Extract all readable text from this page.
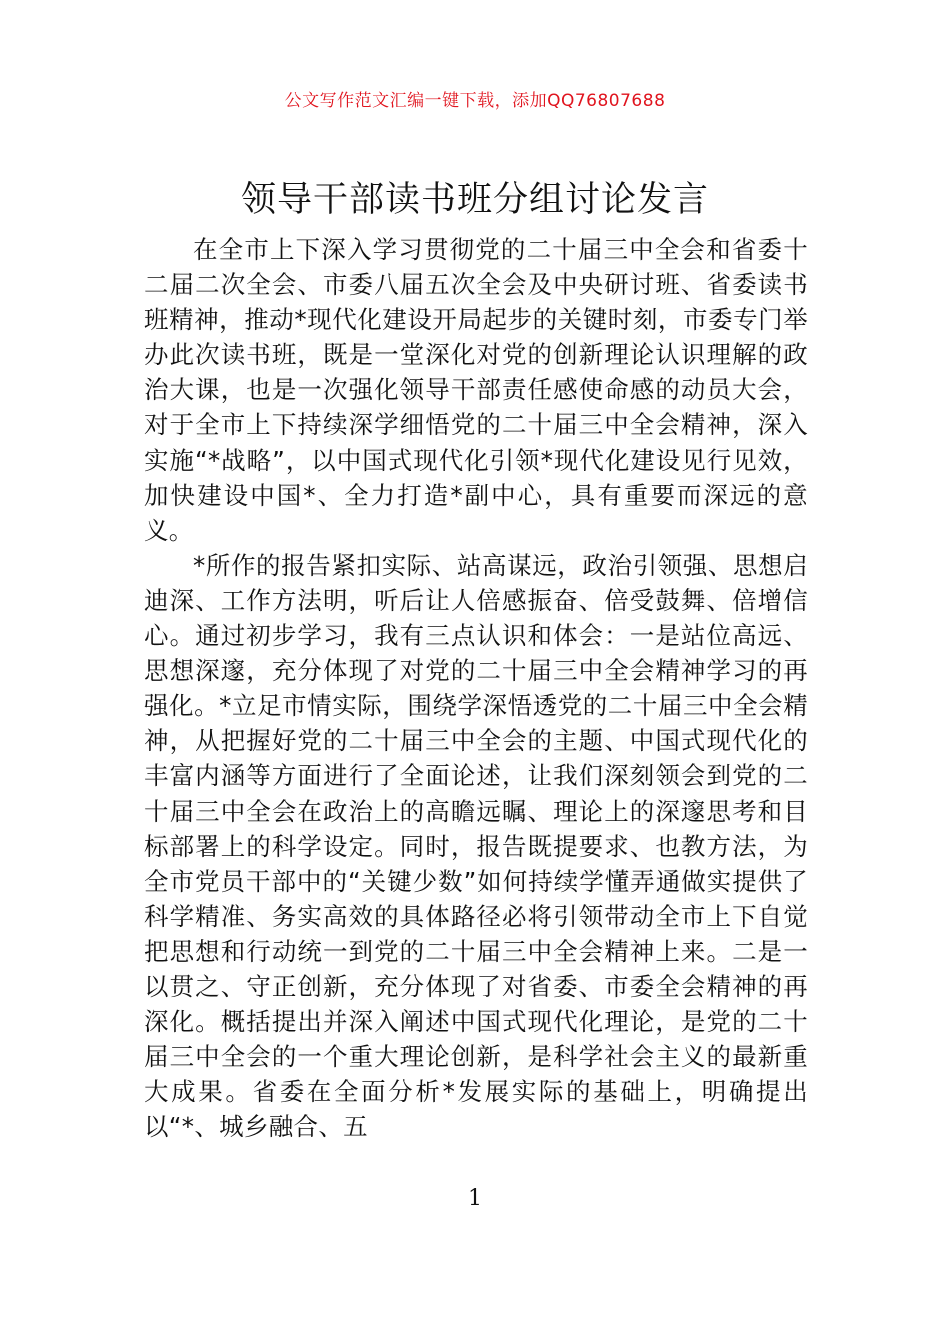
公文写作范文汇编一键下载，添加QQ76807688
领导干部读书班分组讨论发言

在全市上下深入学习贯彻党的二十届三中全会和省委十二届二次全会、市委八届五次全会及中央研讨班、省委读书班精神，推动*现代化建设开局起步的关键时刻，市委专门举办此次读书班，既是一堂深化对党的创新理论认识理解的政治大课，也是一次强化领导干部责任感使命感的动员大会，对于全市上下持续深学细悟党的二十届三中全会精神，深入实施“*战略”，以中国式现代化引领*现代化建设见行见效，加快建设中国*、全力打造*副中心，具有重要而深远的意义。

*所作的报告紧扣实际、站高谋远，政治引领强、思想启迪深、工作方法明，听后让人倍感振奋、倍受鼓舞、倍增信心。通过初步学习，我有三点认识和体会：一是站位高远、思想深邃，充分体现了对党的二十届三中全会精神学习的再强化。*立足市情实际，围绕学深悟透党的二十届三中全会精神，从把握好党的二十届三中全会的主题、中国式现代化的丰富内涵等方面进行了全面论述，让我们深刻领会到党的二十届三中全会在政治上的高瞻远瞩、理论上的深邃思考和目标部署上的科学设定。同时，报告既提要求、也教方法，为全市党员干部中的“关键少数”如何持续学懂弄通做实提供了科学精准、务实高效的具体路径必将引领带动全市上下自觉把思想和行动统一到党的二十届三中全会精神上来。二是一以贯之、守正创新，充分体现了对省委、市委全会精神的再深化。概括提出并深入阐述中国式现代化理论，是党的二十届三中全会的一个重大理论创新，是科学社会主义的最新重大成果。省委在全面分析*发展实际的基础上，明确提出以“*、城乡融合、五

1
